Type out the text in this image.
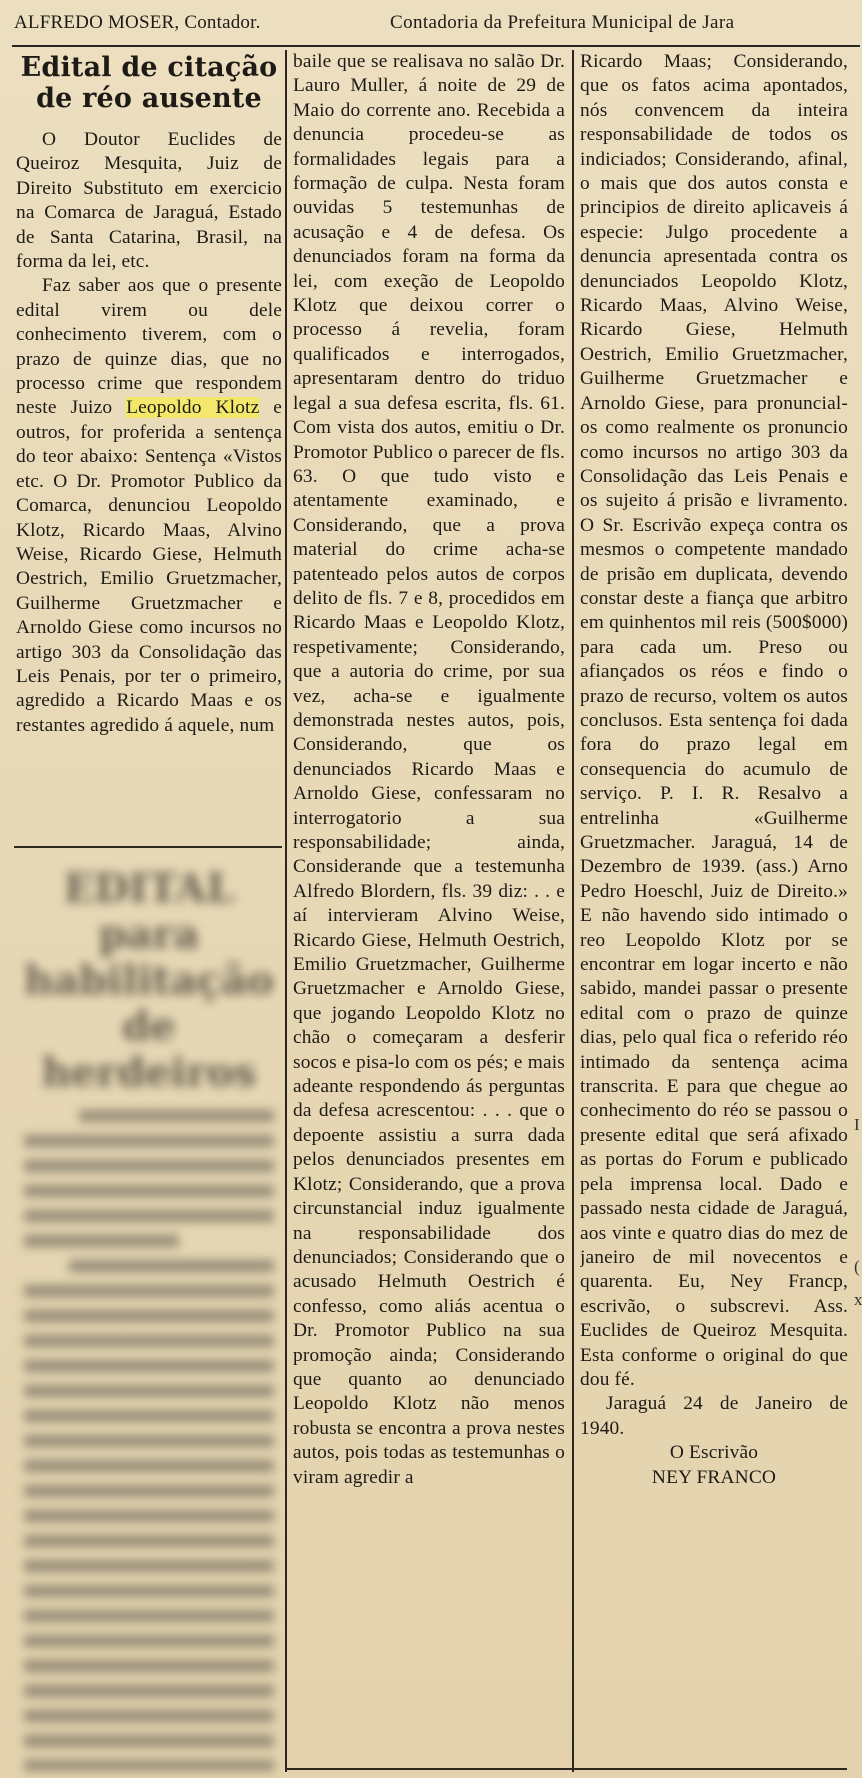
ALFREDO MOSER, Contador.	Contadoria da Prefeitura Municipal de Jara
Edital de citação de réo ausente

O Doutor Euclides de Queiroz Mesquita, Juiz de Direito Substituto em exercicio na Comarca de Jaraguá, Estado de Santa Catarina, Brasil, na forma da lei, etc.

Faz saber aos que o presente edital virem ou dele conhecimento tiverem, com o prazo de quinze dias, que no processo crime que respondem neste Juizo Leopoldo Klotz e outros, for proferida a sentença do teor abaixo: Sentença «Vistos etc. O Dr. Promotor Publico da Comarca, denunciou Leopoldo Klotz, Ricardo Maas, Alvino Weise, Ricardo Giese, Helmuth Oestrich, Emilio Gruetzmacher, Guilherme Gruetzmacher e Arnoldo Giese como incursos no artigo 303 da Consolidação das Leis Penais, por ter o primeiro, agredido a Ricardo Maas e os restantes agredido á aquele, num

EDITAL para habilitação de herdeiros

baile que se realisava no salão Dr. Lauro Muller, á noite de 29 de Maio do corrente ano. Recebida a denuncia procedeu-se as formalidades legais para a formação de culpa. Nesta foram ouvidas 5 testemunhas de acusação e 4 de defesa. Os denunciados foram na forma da lei, com exeção de Leopoldo Klotz que deixou correr o processo á revelia, foram qualificados e interrogados, apresentaram dentro do triduo legal a sua defesa escrita, fls. 61. Com vista dos autos, emitiu o Dr. Promotor Publico o parecer de fls. 63. O que tudo visto e atentamente examinado, e Considerando, que a prova material do crime acha-se patenteado pelos autos de corpos delito de fls. 7 e 8, procedidos em Ricardo Maas e Leopoldo Klotz, respetivamente; Considerando, que a autoria do crime, por sua vez, acha-se e igualmente demonstrada nestes autos, pois, Considerando, que os denunciados Ricardo Maas e Arnoldo Giese, confessaram no interrogatorio a sua responsabilidade; ainda, Considerande que a testemunha Alfredo Blordern, fls. 39 diz: . . e aí intervieram Alvino Weise, Ricardo Giese, Helmuth Oestrich, Emilio Gruetzmacher, Guilherme Gruetzmacher e Arnoldo Giese, que jogando Leopoldo Klotz no chão o começaram a desferir socos e pisa-lo com os pés; e mais adeante respondendo ás perguntas da defesa acrescentou: . . . que o depoente assistiu a surra dada pelos denunciados presentes em Klotz; Considerando, que a prova circunstancial induz igualmente na responsabilidade dos denunciados; Considerando que o acusado Helmuth Oestrich é confesso, como aliás acentua o Dr. Promotor Publico na sua promoção ainda; Considerando que quanto ao denunciado Leopoldo Klotz não menos robusta se encontra a prova nestes autos, pois todas as testemunhas o viram agredir a

Ricardo Maas; Considerando, que os fatos acima apontados, nós convencem da inteira responsabilidade de todos os indiciados; Considerando, afinal, o mais que dos autos consta e principios de direito aplicaveis á especie: Julgo procedente a denuncia apresentada contra os denunciados Leopoldo Klotz, Ricardo Maas, Alvino Weise, Ricardo Giese, Helmuth Oestrich, Emilio Gruetzmacher, Guilherme Gruetzmacher e Arnoldo Giese, para pronuncial-os como realmente os pronuncio como incursos no artigo 303 da Consolidação das Leis Penais e os sujeito á prisão e livramento. O Sr. Escrivão expeça contra os mesmos o competente mandado de prisão em duplicata, devendo constar deste a fiança que arbitro em quinhentos mil reis (500$000) para cada um. Preso ou afiançados os réos e findo o prazo de recurso, voltem os autos conclusos. Esta sentença foi dada fora do prazo legal em consequencia do acumulo de serviço. P. I. R. Resalvo a entrelinha «Guilherme Gruetzmacher. Jaraguá, 14 de Dezembro de 1939. (ass.) Arno Pedro Hoeschl, Juiz de Direito.» E não havendo sido intimado o reo Leopoldo Klotz por se encontrar em logar incerto e não sabido, mandei passar o presente edital com o prazo de quinze dias, pelo qual fica o referido réo intimado da sentença acima transcrita. E para que chegue ao conhecimento do réo se passou o presente edital que será afixado as portas do Forum e publicado pela imprensa local. Dado e passado nesta cidade de Jaraguá, aos vinte e quatro dias do mez de janeiro de mil novecentos e quarenta. Eu, Ney Francp, escrivão, o subscrevi. Ass. Euclides de Queiroz Mesquita. Esta conforme o original do que dou fé.

Jaraguá 24 de Janeiro de 1940.

O Escrivão

NEY FRANCO

I
(
x
